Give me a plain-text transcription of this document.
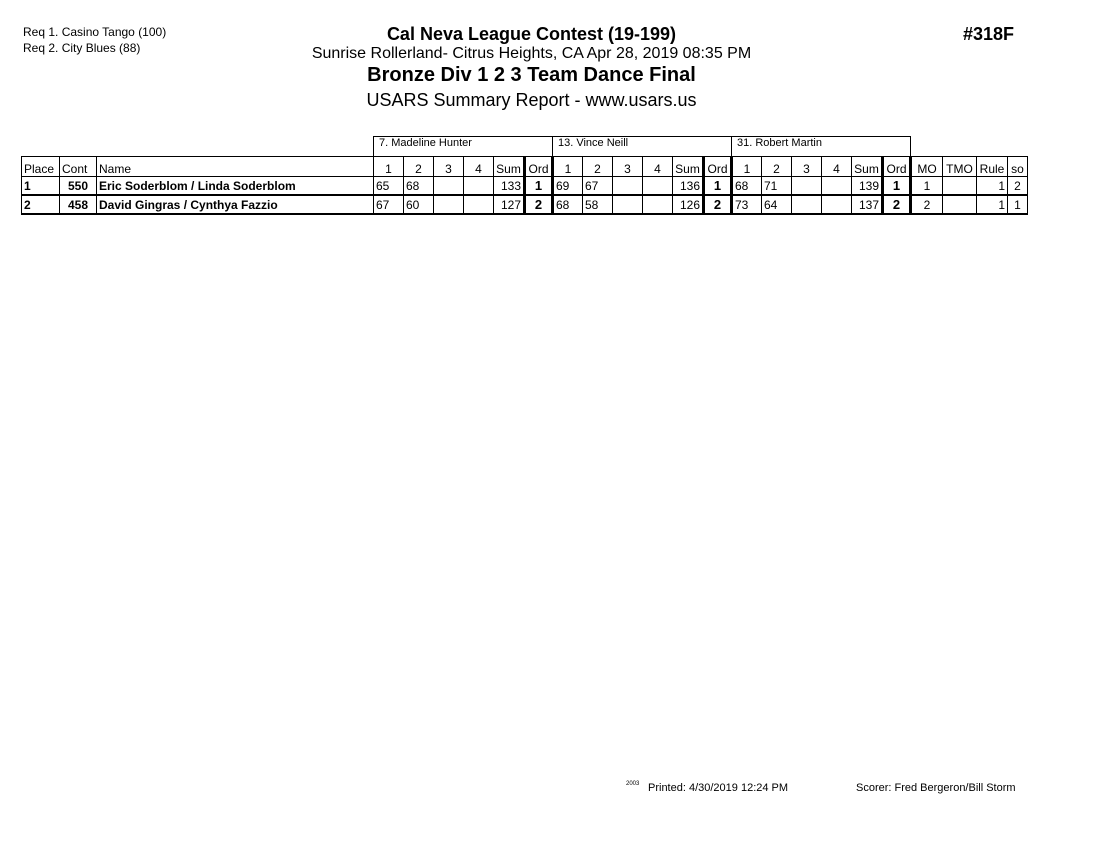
Req 1. Casino Tango (100)
Req 2. City Blues (88)
Cal Neva League Contest (19-199)
Sunrise Rollerland- Citrus Heights, CA Apr 28, 2019 08:35 PM
Bronze Div 1 2 3 Team Dance Final
USARS Summary Report - www.usars.us
#318F
			7. Madeline Hunter						13. Vince Neill						31. Robert Martin									
Place	Cont	Name	1	2	3	4	Sum	Ord	1	2	3	4	Sum	Ord	1	2	3	4	Sum	Ord	MO	TMO	Rule	so
1	550	Eric Soderblom / Linda Soderblom	65	68			133	1	69	67			136	1	68	71			139	1	1		1	2
2	458	David Gingras / Cynthya Fazzio	67	60			127	2	68	58			126	2	73	64			137	2	2		1	1
2003 Printed: 4/30/2019 12:24 PM	Scorer: Fred Bergeron/Bill Storm
